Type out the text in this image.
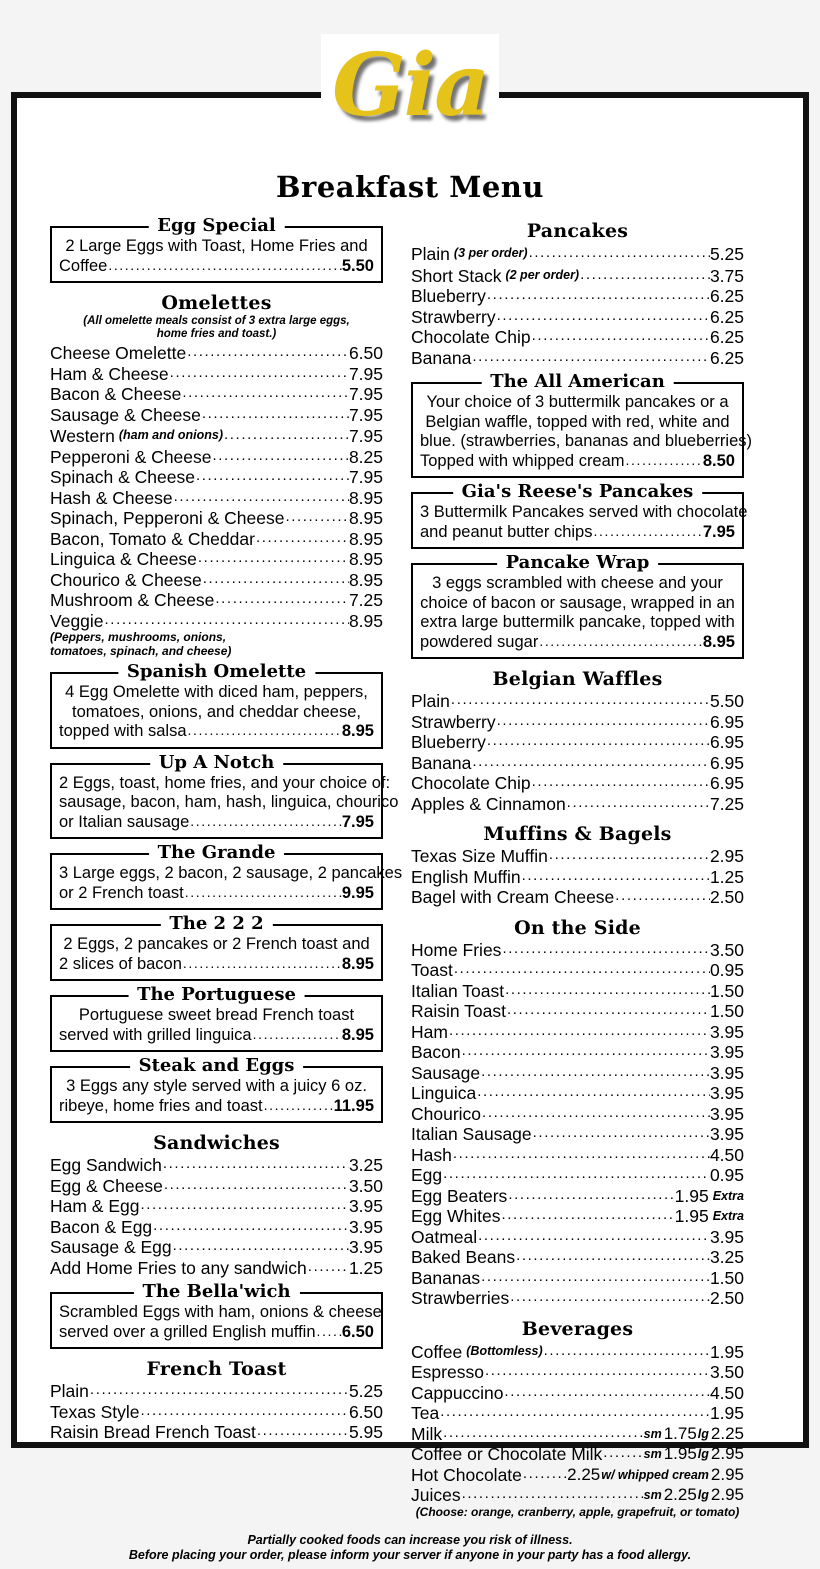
Breakfast Menu
Egg Special
2 Large Eggs with Toast, Home Fries and
Coffee .....	5.50
Omelettes
(All omelette meals consist of 3 extra large eggs,
home fries and toast.)
Cheese Omelette .....	6.50
Ham & Cheese .....	7.95
Bacon & Cheese .....	7.95
Sausage & Cheese .....	7.95
Western (ham and onions) .....	7.95
Pepperoni & Cheese .....	8.25
Spinach & Cheese .....	7.95
Hash & Cheese .....	8.95
Spinach, Pepperoni & Cheese .....	8.95
Bacon, Tomato & Cheddar .....	8.95
Linguica & Cheese .....	8.95
Chourico & Cheese .....	8.95
Mushroom & Cheese .....	7.25
Veggie .....	8.95
(Peppers, mushrooms, onions,
tomatoes, spinach, and cheese)
Spanish Omelette
4 Egg Omelette with diced ham, peppers,
tomatoes, onions, and cheddar cheese,
topped with salsa .....	8.95
Up A Notch
2 Eggs, toast, home fries, and your choice of:
sausage, bacon, ham, hash, linguica, chourico
or Italian sausage .....	7.95
The Grande
3 Large eggs, 2 bacon, 2 sausage, 2 pancakes
or 2 French toast .....	9.95
The 2 2 2
2 Eggs, 2 pancakes or 2 French toast and
2 slices of bacon .....	8.95
The Portuguese
Portuguese sweet bread French toast
served with grilled linguica .....	8.95
Steak and Eggs
3 Eggs any style served with a juicy 6 oz.
ribeye, home fries and toast .....	11.95
Sandwiches
Egg Sandwich .....	3.25
Egg & Cheese .....	3.50
Ham & Egg .....	3.95
Bacon & Egg .....	3.95
Sausage & Egg .....	3.95
Add Home Fries to any sandwich ..... 1.25
The Bella'wich
Scrambled Eggs with ham, onions & cheese
served over a grilled English muffin ..... 6.50
French Toast
Plain .....	5.25
Texas Style .....	6.50
Raisin Bread French Toast .....	5.95
Pancakes
Plain (3 per order) .....	5.25
Short Stack (2 per order) .....	3.75
Blueberry .....	6.25
Strawberry .....	6.25
Chocolate Chip .....	6.25
Banana .....	6.25
The All American
Your choice of 3 buttermilk pancakes or a
Belgian waffle, topped with red, white and
blue. (strawberries, bananas and blueberries)
Topped with whipped cream .....	8.50
Gia's Reese's Pancakes
3 Buttermilk Pancakes served with chocolate
and peanut butter chips .....	7.95
Pancake Wrap
3 eggs scrambled with cheese and your
choice of bacon or sausage, wrapped in an
extra large buttermilk pancake, topped with
powdered sugar .....	8.95
Belgian Waffles
Plain .....	5.50
Strawberry .....	6.95
Blueberry .....	6.95
Banana .....	6.95
Chocolate Chip .....	6.95
Apples & Cinnamon .....	7.25
Muffins & Bagels
Texas Size Muffin .....	2.95
English Muffin .....	1.25
Bagel with Cream Cheese .....	2.50
On the Side
Home Fries .....	3.50
Toast .....	0.95
Italian Toast .....	1.50
Raisin Toast .....	1.50
Ham .....	3.95
Bacon .....	3.95
Sausage .....	3.95
Linguica .....	3.95
Chourico .....	3.95
Italian Sausage .....	3.95
Hash .....	4.50
Egg .....	0.95
Egg Beaters .....	1.95 Extra
Egg Whites .....	1.95 Extra
Oatmeal .....	3.95
Baked Beans .....	3.25
Bananas .....	1.50
Strawberries .....	2.50
Beverages
Coffee (Bottomless) .....	1.95
Espresso .....	3.50
Cappuccino .....	4.50
Tea .....	1.95
Milk .....	sm 1.75 lg 2.25
Coffee or Chocolate Milk .....	sm 1.95 lg 2.95
Hot Chocolate .....	2.25 w/ whipped cream 2.95
Juices .....	sm 2.25 lg 2.95
(Choose: orange, cranberry, apple, grapefruit, or tomato)
Partially cooked foods can increase you risk of illness.
Before placing your order, please inform your server if anyone in your party has a food allergy.
Gia
